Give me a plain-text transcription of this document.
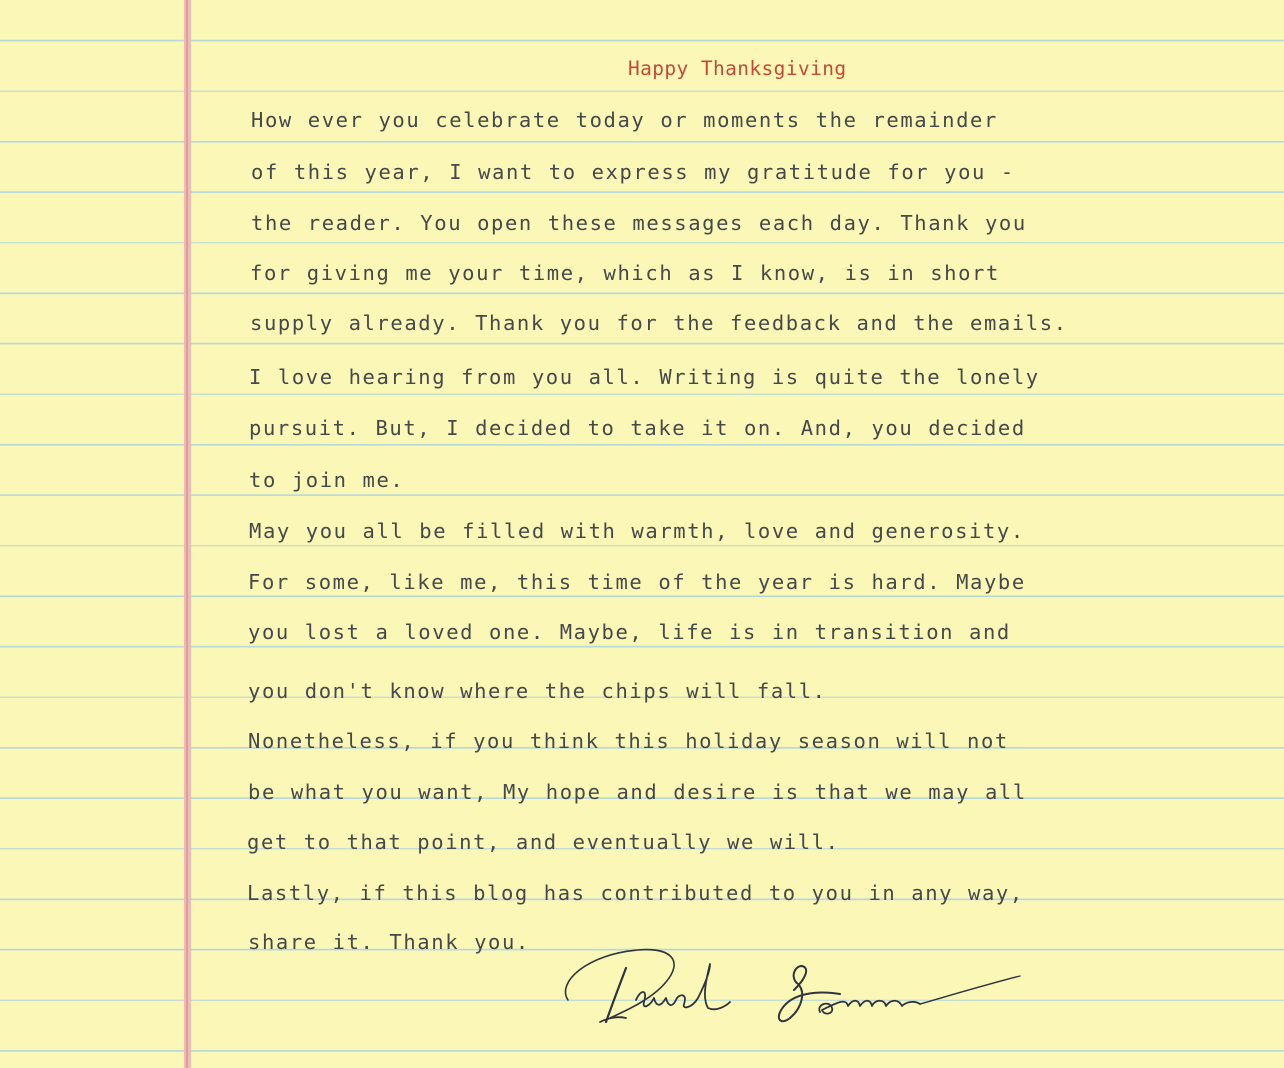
Happy Thanksgiving

How ever you celebrate today or moments the remainder

of this year, I want to express my gratitude for you -

the reader. You open these messages each day. Thank you

for giving me your time, which as I know, is in short

supply already. Thank you for the feedback and the emails.

I love hearing from you all. Writing is quite the lonely

pursuit. But, I decided to take it on. And, you decided

to join me.

May you all be filled with warmth, love and generosity.

For some, like me, this time of the year is hard. Maybe

you lost a loved one. Maybe, life is in transition and

you don't know where the chips will fall.

Nonetheless, if you think this holiday season will not

be what you want, My hope and desire is that we may all

get to that point, and eventually we will.

Lastly, if this blog has contributed to you in any way,

share it. Thank you.
